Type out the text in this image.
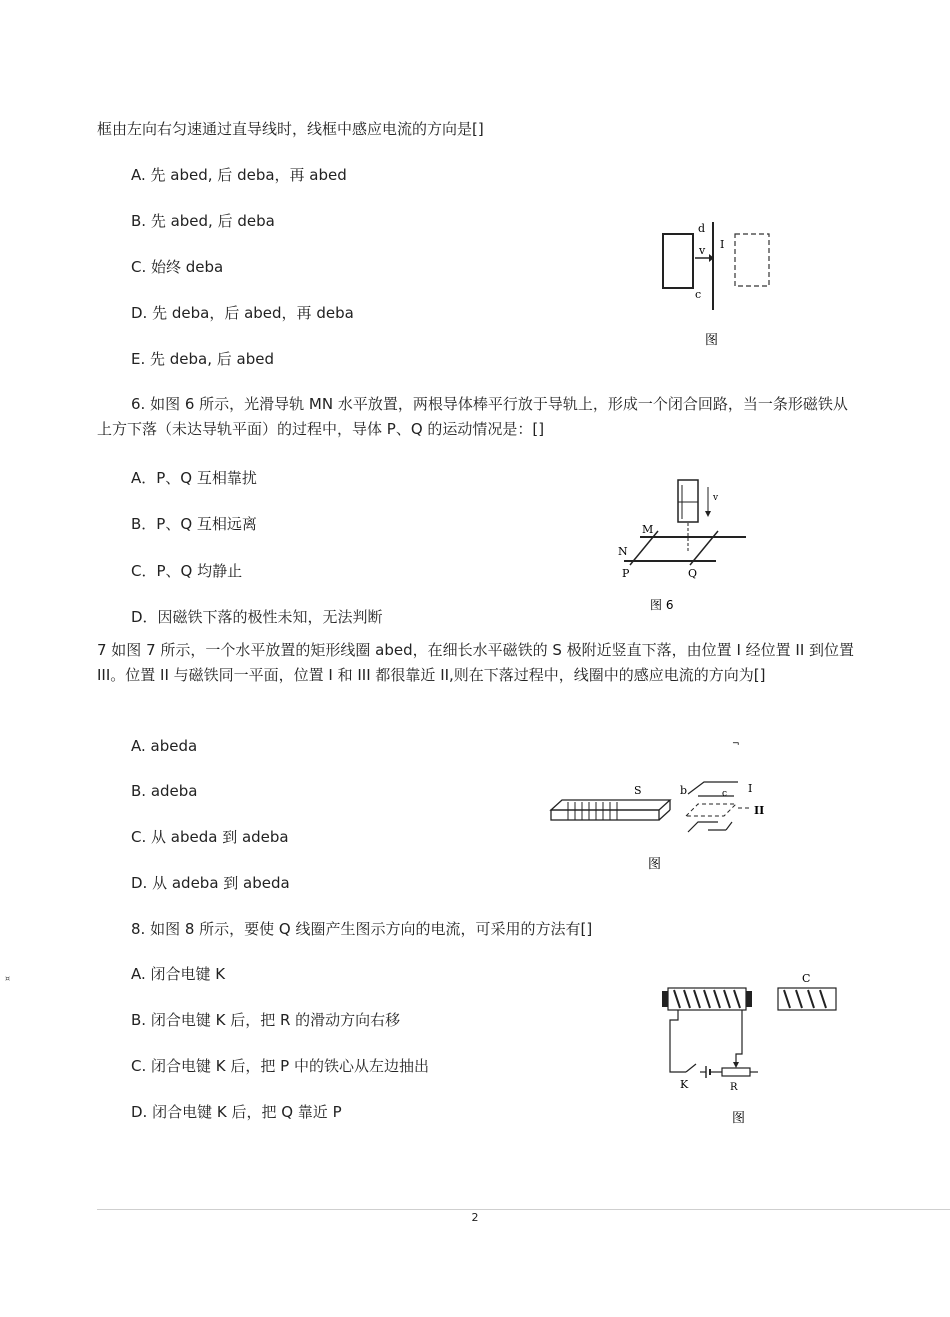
框由左向右匀速通过直导线时，线框中感应电流的方向是[]
A. 先 abed, 后 deba，再 abed
B. 先 abed, 后 deba
C. 始终 deba
D. 先 deba，后 abed，再 deba
E. 先 deba, 后 abed
d
v I
c
图
6. 如图 6 所示，光滑导轨 MN 水平放置，两根导体棒平行放于导轨上，形成一个闭合回路，当一条形磁铁从上方下落（未达导轨平面）的过程中，导体 P、Q 的运动情况是：[]
A．P、Q 互相靠扰
B．P、Q 互相远离
C．P、Q 均静止
D．因磁铁下落的极性未知，无法判断
v
M
N
P	Q
图 6
7 如图 7 所示，一个水平放置的矩形线圈 abed，在细长水平磁铁的 S 极附近竖直下落，由位置 I 经位置 II 到位置 III。位置 II 与磁铁同一平面，位置 I 和 III 都很靠近 II,则在下落过程中，线圈中的感应电流的方向为[]
A. abeda
B. adeba
C. 从 abeda 到 adeba
D. 从 adeba 到 abeda
¬
S	b	c I
II
图
8. 如图 8 所示，要使 Q 线圈产生图示方向的电流，可采用的方法有[]
A. 闭合电键 K
B. 闭合电键 K 后，把 R 的滑动方向右移
C. 闭合电键 K 后，把 P 中的铁心从左边抽出
D. 闭合电键 K 后，把 Q 靠近 P
C
K	R
图
¤
2
